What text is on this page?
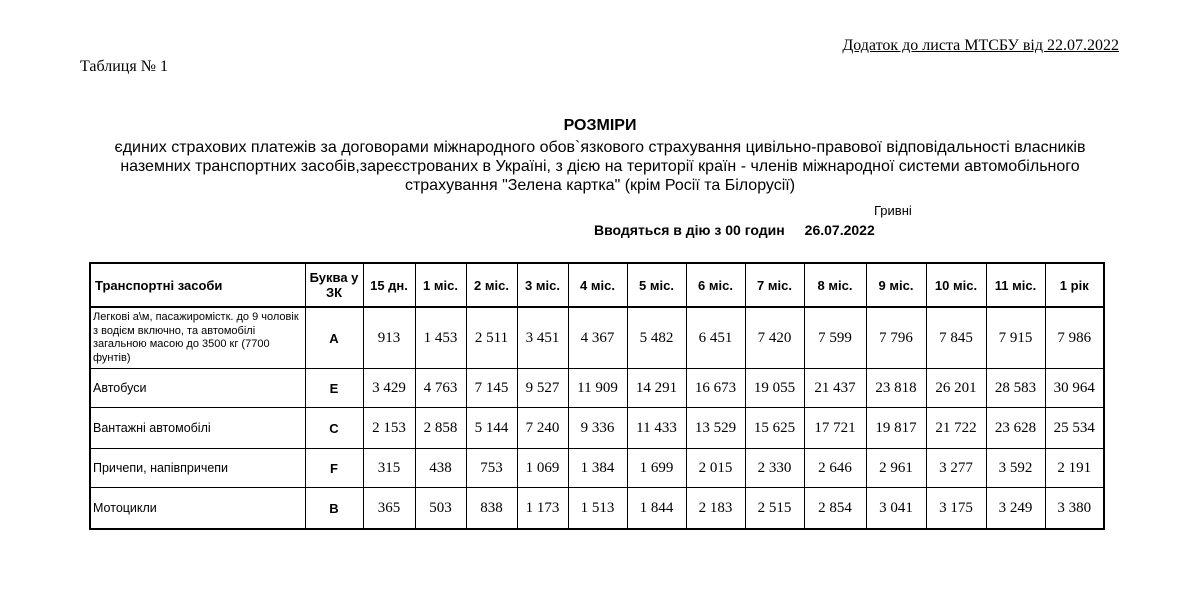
Додаток до листа МТСБУ від 22.07.2022
Таблиця № 1
РОЗМІРИ
єдиних страхових платежів за договорами міжнародного обов`язкового страхування цивільно-правової відповідальності власників наземних транспортних засобів,зареєстрованих в Україні, з дією на території країн - членів міжнародної системи автомобільного страхування "Зелена картка" (крім Росії та Білорусії)
Гривні
Вводяться в дію з 00 годин 26.07.2022
Транспортні засоби	Буква у ЗК	15 дн.	1 міс.	2 міс.	3 міс.	4 міс.	5 міс.	6 міс.	7 міс.	8 міс.	9 міс.	10 міс.	11 міс.	1 рік
Легкові а\м, пасажиромістк. до 9 чоловік з водієм включно, та автомобілі загальною масою до 3500 кг (7700 фунтів)	A	913	1 453	2 511	3 451	4 367	5 482	6 451	7 420	7 599	7 796	7 845	7 915	7 986
Автобуси	E	3 429	4 763	7 145	9 527	11 909	14 291	16 673	19 055	21 437	23 818	26 201	28 583	30 964
Вантажні автомобілі	C	2 153	2 858	5 144	7 240	9 336	11 433	13 529	15 625	17 721	19 817	21 722	23 628	25 534
Причепи, напівпричепи	F	315	438	753	1 069	1 384	1 699	2 015	2 330	2 646	2 961	3 277	3 592	2 191
Мотоцикли	B	365	503	838	1 173	1 513	1 844	2 183	2 515	2 854	3 041	3 175	3 249	3 380
